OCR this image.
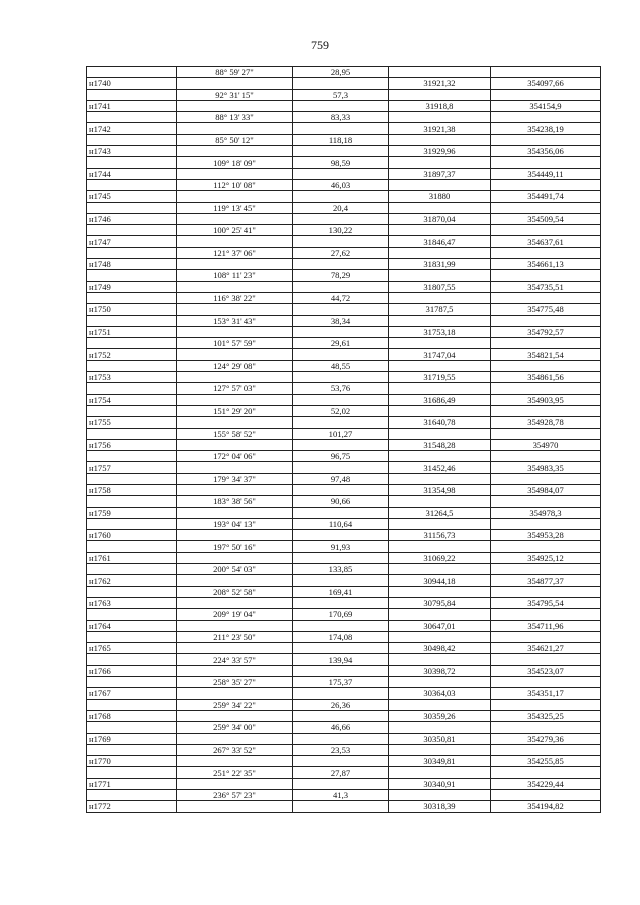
759
	88° 59' 27"	28,95		
н1740			31921,32	354097,66
	92° 31' 15"	57,3		
н1741			31918,8	354154,9
	88° 13' 33"	83,33		
н1742			31921,38	354238,19
	85° 50' 12"	118,18		
н1743			31929,96	354356,06
	109° 18' 09"	98,59		
н1744			31897,37	354449,11
	112° 10' 08"	46,03		
н1745			31880	354491,74
	119° 13' 45"	20,4		
н1746			31870,04	354509,54
	100° 25' 41"	130,22		
н1747			31846,47	354637,61
	121° 37' 06"	27,62		
н1748			31831,99	354661,13
	108° 11' 23"	78,29		
н1749			31807,55	354735,51
	116° 38' 22"	44,72		
н1750			31787,5	354775,48
	153° 31' 43"	38,34		
н1751			31753,18	354792,57
	101° 57' 59"	29,61		
н1752			31747,04	354821,54
	124° 29' 08"	48,55		
н1753			31719,55	354861,56
	127° 57' 03"	53,76		
н1754			31686,49	354903,95
	151° 29' 20"	52,02		
н1755			31640,78	354928,78
	155° 58' 52"	101,27		
н1756			31548,28	354970
	172° 04' 06"	96,75		
н1757			31452,46	354983,35
	179° 34' 37"	97,48		
н1758			31354,98	354984,07
	183° 38' 56"	90,66		
н1759			31264,5	354978,3
	193° 04' 13"	110,64		
н1760			31156,73	354953,28
	197° 50' 16"	91,93		
н1761			31069,22	354925,12
	200° 54' 03"	133,85		
н1762			30944,18	354877,37
	208° 52' 58"	169,41		
н1763			30795,84	354795,54
	209° 19' 04"	170,69		
н1764			30647,01	354711,96
	211° 23' 50"	174,08		
н1765			30498,42	354621,27
	224° 33' 57"	139,94		
н1766			30398,72	354523,07
	258° 35' 27"	175,37		
н1767			30364,03	354351,17
	259° 34' 22"	26,36		
н1768			30359,26	354325,25
	259° 34' 00"	46,66		
н1769			30350,81	354279,36
	267° 33' 52"	23,53		
н1770			30349,81	354255,85
	251° 22' 35"	27,87		
н1771			30340,91	354229,44
	236° 57' 23"	41,3		
н1772			30318,39	354194,82
